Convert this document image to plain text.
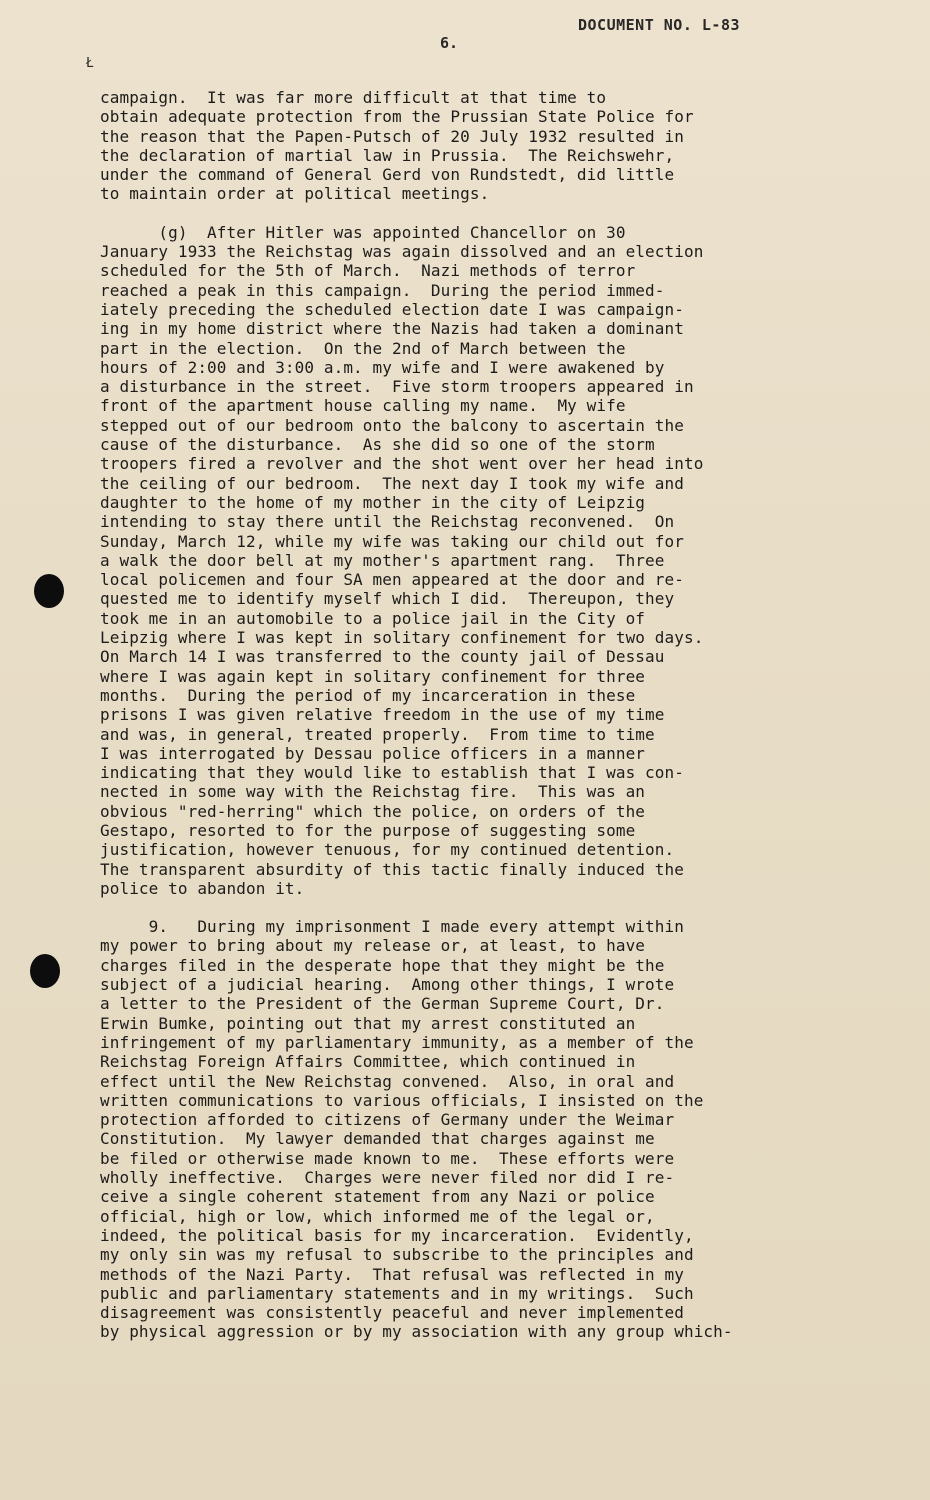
DOCUMENT NO. L-83
6.
Ł
campaign.  It was far more difficult at that time to
obtain adequate protection from the Prussian State Police for
the reason that the Papen-Putsch of 20 July 1932 resulted in
the declaration of martial law in Prussia.  The Reichswehr,
under the command of General Gerd von Rundstedt, did little
to maintain order at political meetings.
(g)  After Hitler was appointed Chancellor on 30
January 1933 the Reichstag was again dissolved and an election
scheduled for the 5th of March.  Nazi methods of terror
reached a peak in this campaign.  During the period immed-
iately preceding the scheduled election date I was campaign-
ing in my home district where the Nazis had taken a dominant
part in the election.  On the 2nd of March between the
hours of 2:00 and 3:00 a.m. my wife and I were awakened by
a disturbance in the street.  Five storm troopers appeared in
front of the apartment house calling my name.  My wife
stepped out of our bedroom onto the balcony to ascertain the
cause of the disturbance.  As she did so one of the storm
troopers fired a revolver and the shot went over her head into
the ceiling of our bedroom.  The next day I took my wife and
daughter to the home of my mother in the city of Leipzig
intending to stay there until the Reichstag reconvened.  On
Sunday, March 12, while my wife was taking our child out for
a walk the door bell at my mother's apartment rang.  Three
local policemen and four SA men appeared at the door and re-
quested me to identify myself which I did.  Thereupon, they
took me in an automobile to a police jail in the City of
Leipzig where I was kept in solitary confinement for two days.
On March 14 I was transferred to the county jail of Dessau
where I was again kept in solitary confinement for three
months.  During the period of my incarceration in these
prisons I was given relative freedom in the use of my time
and was, in general, treated properly.  From time to time
I was interrogated by Dessau police officers in a manner
indicating that they would like to establish that I was con-
nected in some way with the Reichstag fire.  This was an
obvious "red-herring" which the police, on orders of the
Gestapo, resorted to for the purpose of suggesting some
justification, however tenuous, for my continued detention.
The transparent absurdity of this tactic finally induced the
police to abandon it.
9.   During my imprisonment I made every attempt within
my power to bring about my release or, at least, to have
charges filed in the desperate hope that they might be the
subject of a judicial hearing.  Among other things, I wrote
a letter to the President of the German Supreme Court, Dr.
Erwin Bumke, pointing out that my arrest constituted an
infringement of my parliamentary immunity, as a member of the
Reichstag Foreign Affairs Committee, which continued in
effect until the New Reichstag convened.  Also, in oral and
written communications to various officials, I insisted on the
protection afforded to citizens of Germany under the Weimar
Constitution.  My lawyer demanded that charges against me
be filed or otherwise made known to me.  These efforts were
wholly ineffective.  Charges were never filed nor did I re-
ceive a single coherent statement from any Nazi or police
official, high or low, which informed me of the legal or,
indeed, the political basis for my incarceration.  Evidently,
my only sin was my refusal to subscribe to the principles and
methods of the Nazi Party.  That refusal was reflected in my
public and parliamentary statements and in my writings.  Such
disagreement was consistently peaceful and never implemented
by physical aggression or by my association with any group which-
